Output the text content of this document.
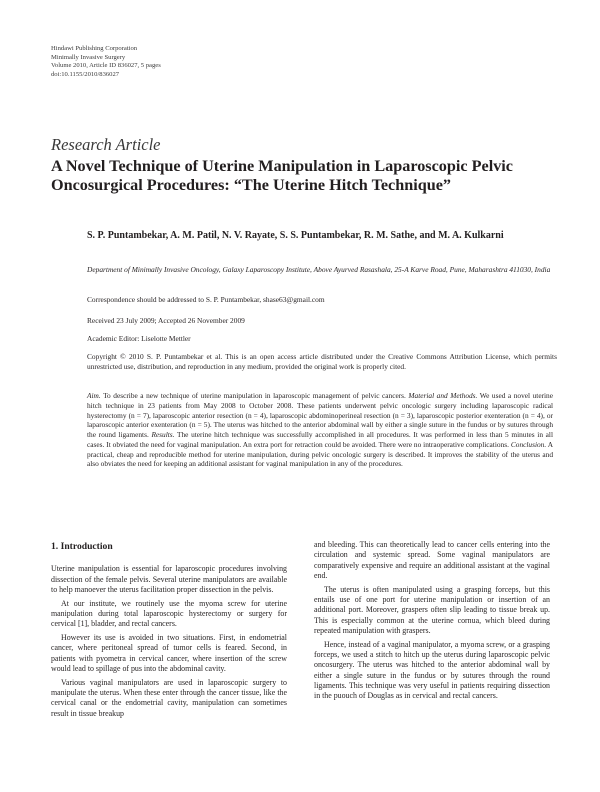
Hindawi Publishing Corporation
Minimally Invasive Surgery
Volume 2010, Article ID 836027, 5 pages
doi:10.1155/2010/836027
Research Article
A Novel Technique of Uterine Manipulation in Laparoscopic Pelvic Oncosurgical Procedures: “The Uterine Hitch Technique”
S. P. Puntambekar, A. M. Patil, N. V. Rayate, S. S. Puntambekar, R. M. Sathe, and M. A. Kulkarni
Department of Minimally Invasive Oncology, Galaxy Laparoscopy Institute, Above Ayurved Rasashala, 25-A Karve Road, Pune, Maharashtra 411030, India
Correspondence should be addressed to S. P. Puntambekar, shase63@gmail.com
Received 23 July 2009; Accepted 26 November 2009
Academic Editor: Liselotte Mettler
Copyright © 2010 S. P. Puntambekar et al. This is an open access article distributed under the Creative Commons Attribution License, which permits unrestricted use, distribution, and reproduction in any medium, provided the original work is properly cited.
Aim. To describe a new technique of uterine manipulation in laparoscopic management of pelvic cancers. Material and Methods. We used a novel uterine hitch technique in 23 patients from May 2008 to October 2008. These patients underwent pelvic oncologic surgery including laparoscopic radical hysterectomy (n = 7), laparoscopic anterior resection (n = 4), laparoscopic abdominoperineal resection (n = 3), laparoscopic posterior exenteration (n = 4), or laparoscopic anterior exenteration (n = 5). The uterus was hitched to the anterior abdominal wall by either a single suture in the fundus or by sutures through the round ligaments. Results. The uterine hitch technique was successfully accomplished in all procedures. It was performed in less than 5 minutes in all cases. It obviated the need for vaginal manipulation. An extra port for retraction could be avoided. There were no intraoperative complications. Conclusion. A practical, cheap and reproducible method for uterine manipulation, during pelvic oncologic surgery is described. It improves the stability of the uterus and also obviates the need for keeping an additional assistant for vaginal manipulation in any of the procedures.
1. Introduction

Uterine manipulation is essential for laparoscopic procedures involving dissection of the female pelvis. Several uterine manipulators are available to help manoever the uterus facilitation proper dissection in the pelvis.

At our institute, we routinely use the myoma screw for uterine manipulation during total laparoscopic hysterectomy or surgery for cervical [1], bladder, and rectal cancers.

However its use is avoided in two situations. First, in endometrial cancer, where peritoneal spread of tumor cells is feared. Second, in patients with pyometra in cervical cancer, where insertion of the screw would lead to spillage of pus into the abdominal cavity.

Various vaginal manipulators are used in laparoscopic surgery to manipulate the uterus. When these enter through the cancer tissue, like the cervical canal or the endometrial cavity, manipulation can sometimes result in tissue breakup

and bleeding. This can theoretically lead to cancer cells entering into the circulation and systemic spread. Some vaginal manipulators are comparatively expensive and require an additional assistant at the vaginal end.

The uterus is often manipulated using a grasping forceps, but this entails use of one port for uterine manipulation or insertion of an additional port. Moreover, graspers often slip leading to tissue break up. This is especially common at the uterine cornua, which bleed during repeated manipulation with graspers.

Hence, instead of a vaginal manipulator, a myoma screw, or a grasping forceps, we used a stitch to hitch up the uterus during laparoscopic pelvic oncosurgery. The uterus was hitched to the anterior abdominal wall by either a single suture in the fundus or by sutures through the round ligaments. This technique was very useful in patients requiring dissection in the puouch of Douglas as in cervical and rectal cancers.
